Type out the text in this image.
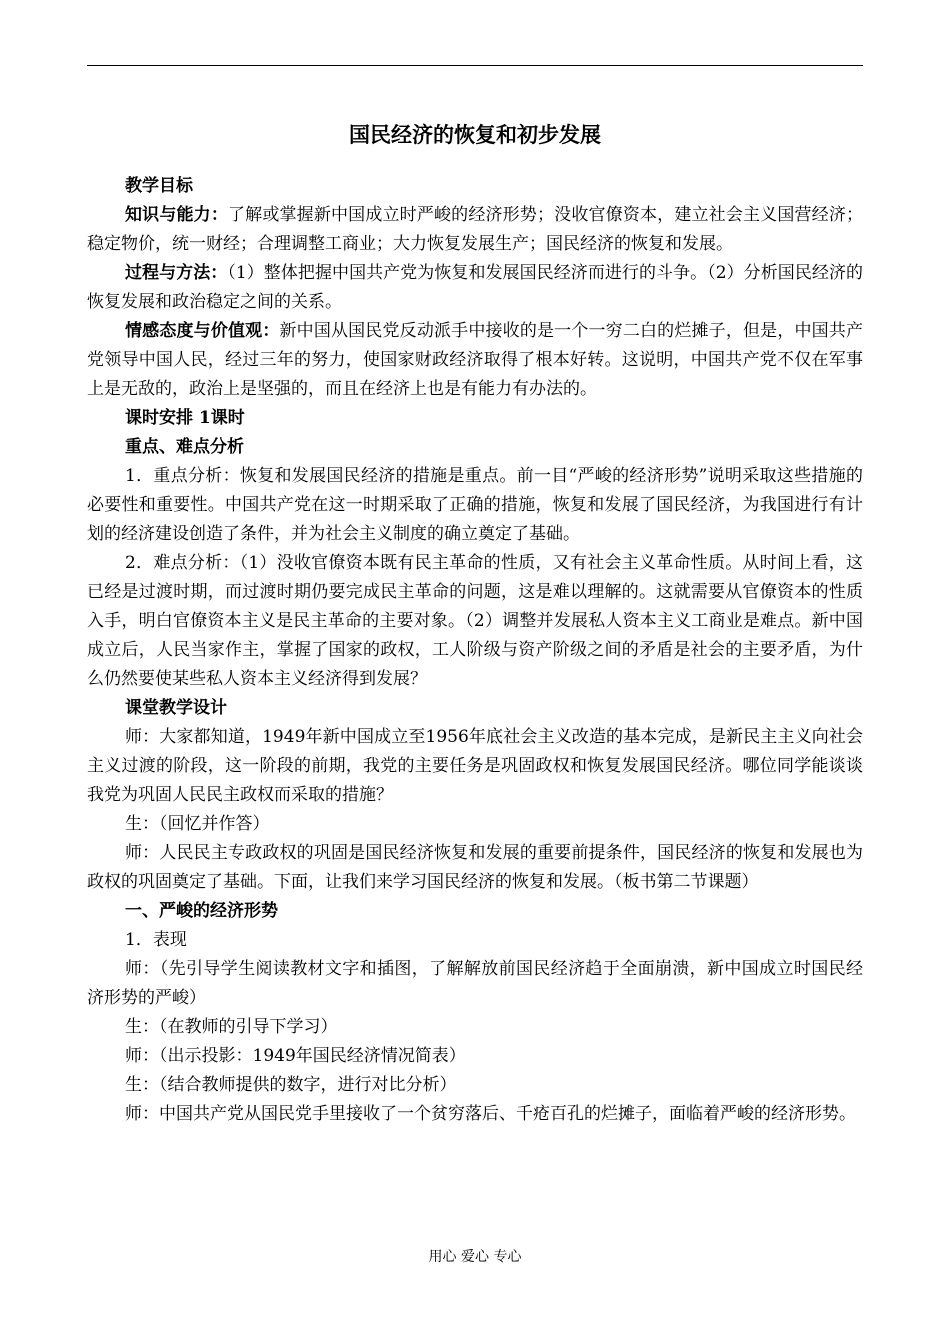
国民经济的恢复和初步发展

教学目标

知识与能力：了解或掌握新中国成立时严峻的经济形势；没收官僚资本，建立社会主义国营经济；稳定物价，统一财经；合理调整工商业；大力恢复发展生产；国民经济的恢复和发展。

过程与方法：（1）整体把握中国共产党为恢复和发展国民经济而进行的斗争。（2）分析国民经济的恢复发展和政治稳定之间的关系。

情感态度与价值观：新中国从国民党反动派手中接收的是一个一穷二白的烂摊子，但是，中国共产党领导中国人民，经过三年的努力，使国家财政经济取得了根本好转。这说明，中国共产党不仅在军事上是无敌的，政治上是坚强的，而且在经济上也是有能力有办法的。

课时安排 1课时

重点、难点分析

1．重点分析：恢复和发展国民经济的措施是重点。前一目“严峻的经济形势”说明采取这些措施的必要性和重要性。中国共产党在这一时期采取了正确的措施，恢复和发展了国民经济，为我国进行有计划的经济建设创造了条件，并为社会主义制度的确立奠定了基础。

2．难点分析：（1）没收官僚资本既有民主革命的性质，又有社会主义革命性质。从时间上看，这已经是过渡时期，而过渡时期仍要完成民主革命的问题，这是难以理解的。这就需要从官僚资本的性质入手，明白官僚资本主义是民主革命的主要对象。（2）调整并发展私人资本主义工商业是难点。新中国成立后，人民当家作主，掌握了国家的政权，工人阶级与资产阶级之间的矛盾是社会的主要矛盾，为什么仍然要使某些私人资本主义经济得到发展？

课堂教学设计

师：大家都知道，1949年新中国成立至1956年底社会主义改造的基本完成，是新民主主义向社会主义过渡的阶段，这一阶段的前期，我党的主要任务是巩固政权和恢复发展国民经济。哪位同学能谈谈我党为巩固人民民主政权而采取的措施？

生：（回忆并作答）

师：人民民主专政政权的巩固是国民经济恢复和发展的重要前提条件，国民经济的恢复和发展也为政权的巩固奠定了基础。下面，让我们来学习国民经济的恢复和发展。（板书第二节课题）

一、严峻的经济形势

1．表现

师：（先引导学生阅读教材文字和插图，了解解放前国民经济趋于全面崩溃，新中国成立时国民经济形势的严峻）

生：（在教师的引导下学习）

师：（出示投影：1949年国民经济情况简表）

生：（结合教师提供的数字，进行对比分析）

师：中国共产党从国民党手里接收了一个贫穷落后、千疮百孔的烂摊子，面临着严峻的经济形势。

用心 爱心 专心
